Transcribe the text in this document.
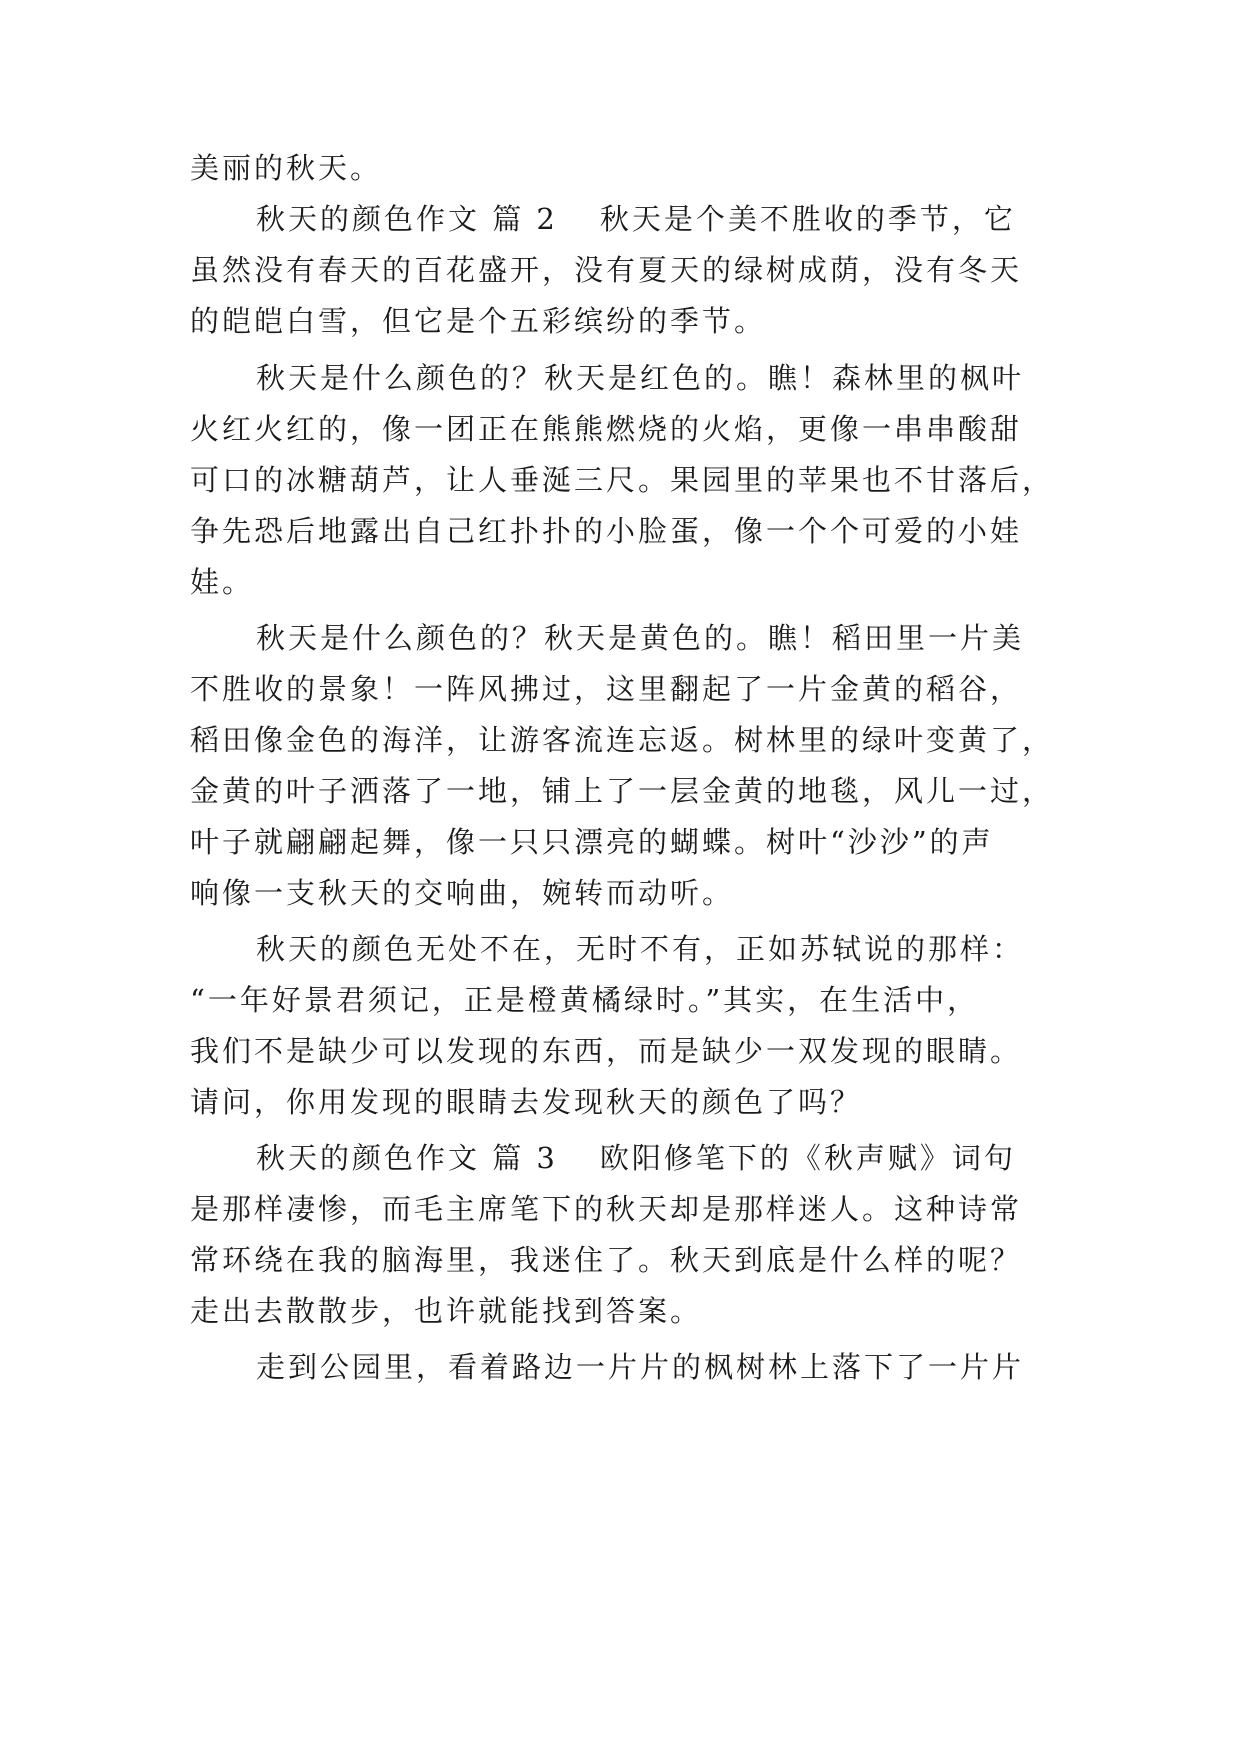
美丽的秋天。

秋天的颜色作文 篇 2 秋天是个美不胜收的季节，它

虽然没有春天的百花盛开，没有夏天的绿树成荫，没有冬天

的皑皑白雪，但它是个五彩缤纷的季节。

秋天是什么颜色的？秋天是红色的。瞧！森林里的枫叶

火红火红的，像一团正在熊熊燃烧的火焰，更像一串串酸甜

可口的冰糖葫芦，让人垂涎三尺。果园里的苹果也不甘落后，

争先恐后地露出自己红扑扑的小脸蛋，像一个个可爱的小娃

娃。

秋天是什么颜色的？秋天是黄色的。瞧！稻田里一片美

不胜收的景象！一阵风拂过，这里翻起了一片金黄的稻谷，

稻田像金色的海洋，让游客流连忘返。树林里的绿叶变黄了，

金黄的叶子洒落了一地，铺上了一层金黄的地毯，风儿一过，

叶子就翩翩起舞，像一只只漂亮的蝴蝶。树叶“沙沙”的声

响像一支秋天的交响曲，婉转而动听。

秋天的颜色无处不在，无时不有，正如苏轼说的那样：

“一年好景君须记，正是橙黄橘绿时。”其实，在生活中，

我们不是缺少可以发现的东西，而是缺少一双发现的眼睛。

请问，你用发现的眼睛去发现秋天的颜色了吗？

秋天的颜色作文 篇 3 欧阳修笔下的《秋声赋》词句

是那样凄惨，而毛主席笔下的秋天却是那样迷人。这种诗常

常环绕在我的脑海里，我迷住了。秋天到底是什么样的呢？

走出去散散步，也许就能找到答案。

走到公园里，看着路边一片片的枫树林上落下了一片片
